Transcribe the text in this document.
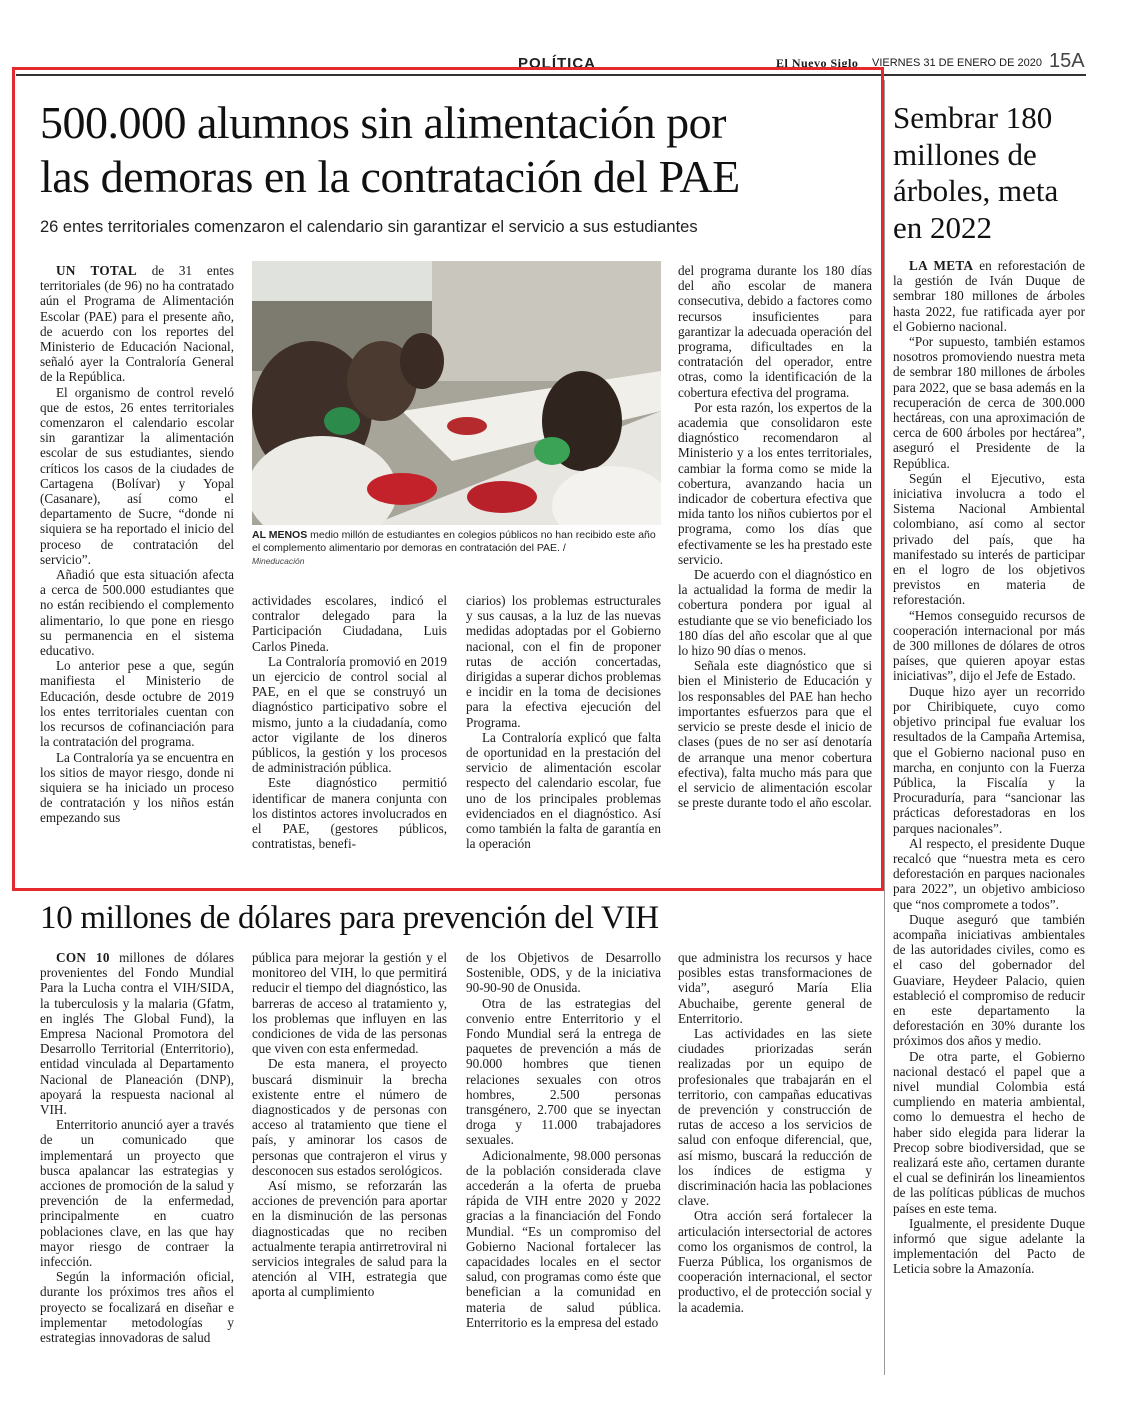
POLÍTICA	El Nuevo Siglo VIERNES 31 DE ENERO DE 2020 15A
500.000 alumnos sin alimentación por
las demoras en la contratación del PAE
26 entes territoriales comenzaron el calendario sin garantizar el servicio a sus estudiantes

UN TOTAL de 31 entes territoriales (de 96) no ha contratado aún el Programa de Alimentación Escolar (PAE) para el presente año, de acuerdo con los reportes del Ministerio de Educación Nacional, señaló ayer la Contraloría General de la República.

El organismo de control reveló que de estos, 26 entes territoriales comenzaron el calendario escolar sin garantizar la alimentación escolar de sus estudiantes, siendo críticos los casos de la ciudades de Cartagena (Bolívar) y Yopal (Casanare), así como el departamento de Sucre, “donde ni siquiera se ha reportado el inicio del proceso de contratación del servicio”.

Añadió que esta situación afecta a cerca de 500.000 estudiantes que no están recibiendo el complemento alimentario, lo que pone en riesgo su permanencia en el sistema educativo.

Lo anterior pese a que, según manifiesta el Ministerio de Educación, desde octubre de 2019 los entes territoriales cuentan con los recursos de cofinanciación para la contratación del programa.

La Contraloría ya se encuentra en los sitios de mayor riesgo, donde ni siquiera se ha iniciado un proceso de contratación y los niños están empezando sus

AL MENOS medio millón de estudiantes en colegios públicos no han recibido este año el complemento alimentario por demoras en contratación del PAE. /
Mineducación

actividades escolares, indicó el contralor delegado para la Participación Ciudadana, Luis Carlos Pineda.

La Contraloría promovió en 2019 un ejercicio de control social al PAE, en el que se construyó un diagnóstico participativo sobre el mismo, junto a la ciudadanía, como actor vigilante de los dineros públicos, la gestión y los procesos de administración pública.

Este diagnóstico permitió identificar de manera conjunta con los distintos actores involucrados en el PAE, (gestores públicos, contratistas, benefi-

ciarios) los problemas estructurales y sus causas, a la luz de las nuevas medidas adoptadas por el Gobierno nacional, con el fin de proponer rutas de acción concertadas, dirigidas a superar dichos problemas e incidir en la toma de decisiones para la efectiva ejecución del Programa.

La Contraloría explicó que falta de oportunidad en la prestación del servicio de alimentación escolar respecto del calendario escolar, fue uno de los principales problemas evidenciados en el diagnóstico. Así como también la falta de garantía en la operación

del programa durante los 180 días del año escolar de manera consecutiva, debido a factores como recursos insuficientes para garantizar la adecuada operación del programa, dificultades en la contratación del operador, entre otras, como la identificación de la cobertura efectiva del programa.

Por esta razón, los expertos de la academia que consolidaron este diagnóstico recomendaron al Ministerio y a los entes territoriales, cambiar la forma como se mide la cobertura, avanzando hacia un indicador de cobertura efectiva que mida tanto los niños cubiertos por el programa, como los días que efectivamente se les ha prestado este servicio.

De acuerdo con el diagnóstico en la actualidad la forma de medir la cobertura pondera por igual al estudiante que se vio beneficiado los 180 días del año escolar que al que lo hizo 90 días o menos.

Señala este diagnóstico que si bien el Ministerio de Educación y los responsables del PAE han hecho importantes esfuerzos para que el servicio se preste desde el inicio de clases (pues de no ser así denotaría de arranque una menor cobertura efectiva), falta mucho más para que el servicio de alimentación escolar se preste durante todo el año escolar.

Sembrar 180 millones de árboles, meta en 2022

LA META en reforestación de la gestión de Iván Duque de sembrar 180 millones de árboles hasta 2022, fue ratificada ayer por el Gobierno nacional.

“Por supuesto, también estamos nosotros promoviendo nuestra meta de sembrar 180 millones de árboles para 2022, que se basa además en la recuperación de cerca de 300.000 hectáreas, con una aproximación de cerca de 600 árboles por hectárea”, aseguró el Presidente de la República.

Según el Ejecutivo, esta iniciativa involucra a todo el Sistema Nacional Ambiental colombiano, así como al sector privado del país, que ha manifestado su interés de participar en el logro de los objetivos previstos en materia de reforestación.

“Hemos conseguido recursos de cooperación internacional por más de 300 millones de dólares de otros países, que quieren apoyar estas iniciativas”, dijo el Jefe de Estado.

Duque hizo ayer un recorrido por Chiribiquete, cuyo como objetivo principal fue evaluar los resultados de la Campaña Artemisa, que el Gobierno nacional puso en marcha, en conjunto con la Fuerza Pública, la Fiscalía y la Procuraduría, para “sancionar las prácticas deforestadoras en los parques nacionales”.

Al respecto, el presidente Duque recalcó que “nuestra meta es cero deforestación en parques nacionales para 2022”, un objetivo ambicioso que “nos compromete a todos”.

Duque aseguró que también acompaña iniciativas ambientales de las autoridades civiles, como es el caso del gobernador del Guaviare, Heydeer Palacio, quien estableció el compromiso de reducir en este departamento la deforestación en 30% durante los próximos dos años y medio.

De otra parte, el Gobierno nacional destacó el papel que a nivel mundial Colombia está cumpliendo en materia ambiental, como lo demuestra el hecho de haber sido elegida para liderar la Precop sobre biodiversidad, que se realizará este año, certamen durante el cual se definirán los lineamientos de las políticas públicas de muchos países en este tema.

Igualmente, el presidente Duque informó que sigue adelante la implementación del Pacto de Leticia sobre la Amazonía.

10 millones de dólares para prevención del VIH

CON 10 millones de dólares provenientes del Fondo Mundial Para la Lucha contra el VIH/SIDA, la tuberculosis y la malaria (Gfatm, en inglés The Global Fund), la Empresa Nacional Promotora del Desarrollo Territorial (Enterritorio), entidad vinculada al Departamento Nacional de Planeación (DNP), apoyará la respuesta nacional al VIH.

Enterritorio anunció ayer a través de un comunicado que implementará un proyecto que busca apalancar las estrategias y acciones de promoción de la salud y prevención de la enfermedad, principalmente en cuatro poblaciones clave, en las que hay mayor riesgo de contraer la infección.

Según la información oficial, durante los próximos tres años el proyecto se focalizará en diseñar e implementar metodologías y estrategias innovadoras de salud

pública para mejorar la gestión y el monitoreo del VIH, lo que permitirá reducir el tiempo del diagnóstico, las barreras de acceso al tratamiento y, los problemas que influyen en las condiciones de vida de las personas que viven con esta enfermedad.

De esta manera, el proyecto buscará disminuir la brecha existente entre el número de diagnosticados y de personas con acceso al tratamiento que tiene el país, y aminorar los casos de personas que contrajeron el virus y desconocen sus estados serológicos.

Así mismo, se reforzarán las acciones de prevención para aportar en la disminución de las personas diagnosticadas que no reciben actualmente terapia antirretroviral ni servicios integrales de salud para la atención al VIH, estrategia que aporta al cumplimiento

de los Objetivos de Desarrollo Sostenible, ODS, y de la iniciativa 90-90-90 de Onusida.

Otra de las estrategias del convenio entre Enterritorio y el Fondo Mundial será la entrega de paquetes de prevención a más de 90.000 hombres que tienen relaciones sexuales con otros hombres, 2.500 personas transgénero, 2.700 que se inyectan droga y 11.000 trabajadores sexuales.

Adicionalmente, 98.000 personas de la población considerada clave accederán a la oferta de prueba rápida de VIH entre 2020 y 2022 gracias a la financiación del Fondo Mundial. “Es un compromiso del Gobierno Nacional fortalecer las capacidades locales en el sector salud, con programas como éste que benefician a la comunidad en materia de salud pública. Enterritorio es la empresa del estado

que administra los recursos y hace posibles estas transformaciones de vida”, aseguró María Elia Abuchaibe, gerente general de Enterritorio.

Las actividades en las siete ciudades priorizadas serán realizadas por un equipo de profesionales que trabajarán en el territorio, con campañas educativas de prevención y construcción de rutas de acceso a los servicios de salud con enfoque diferencial, que, así mismo, buscará la reducción de los índices de estigma y discriminación hacia las poblaciones clave.

Otra acción será fortalecer la articulación intersectorial de actores como los organismos de control, la Fuerza Pública, los organismos de cooperación internacional, el sector productivo, el de protección social y la academia.
